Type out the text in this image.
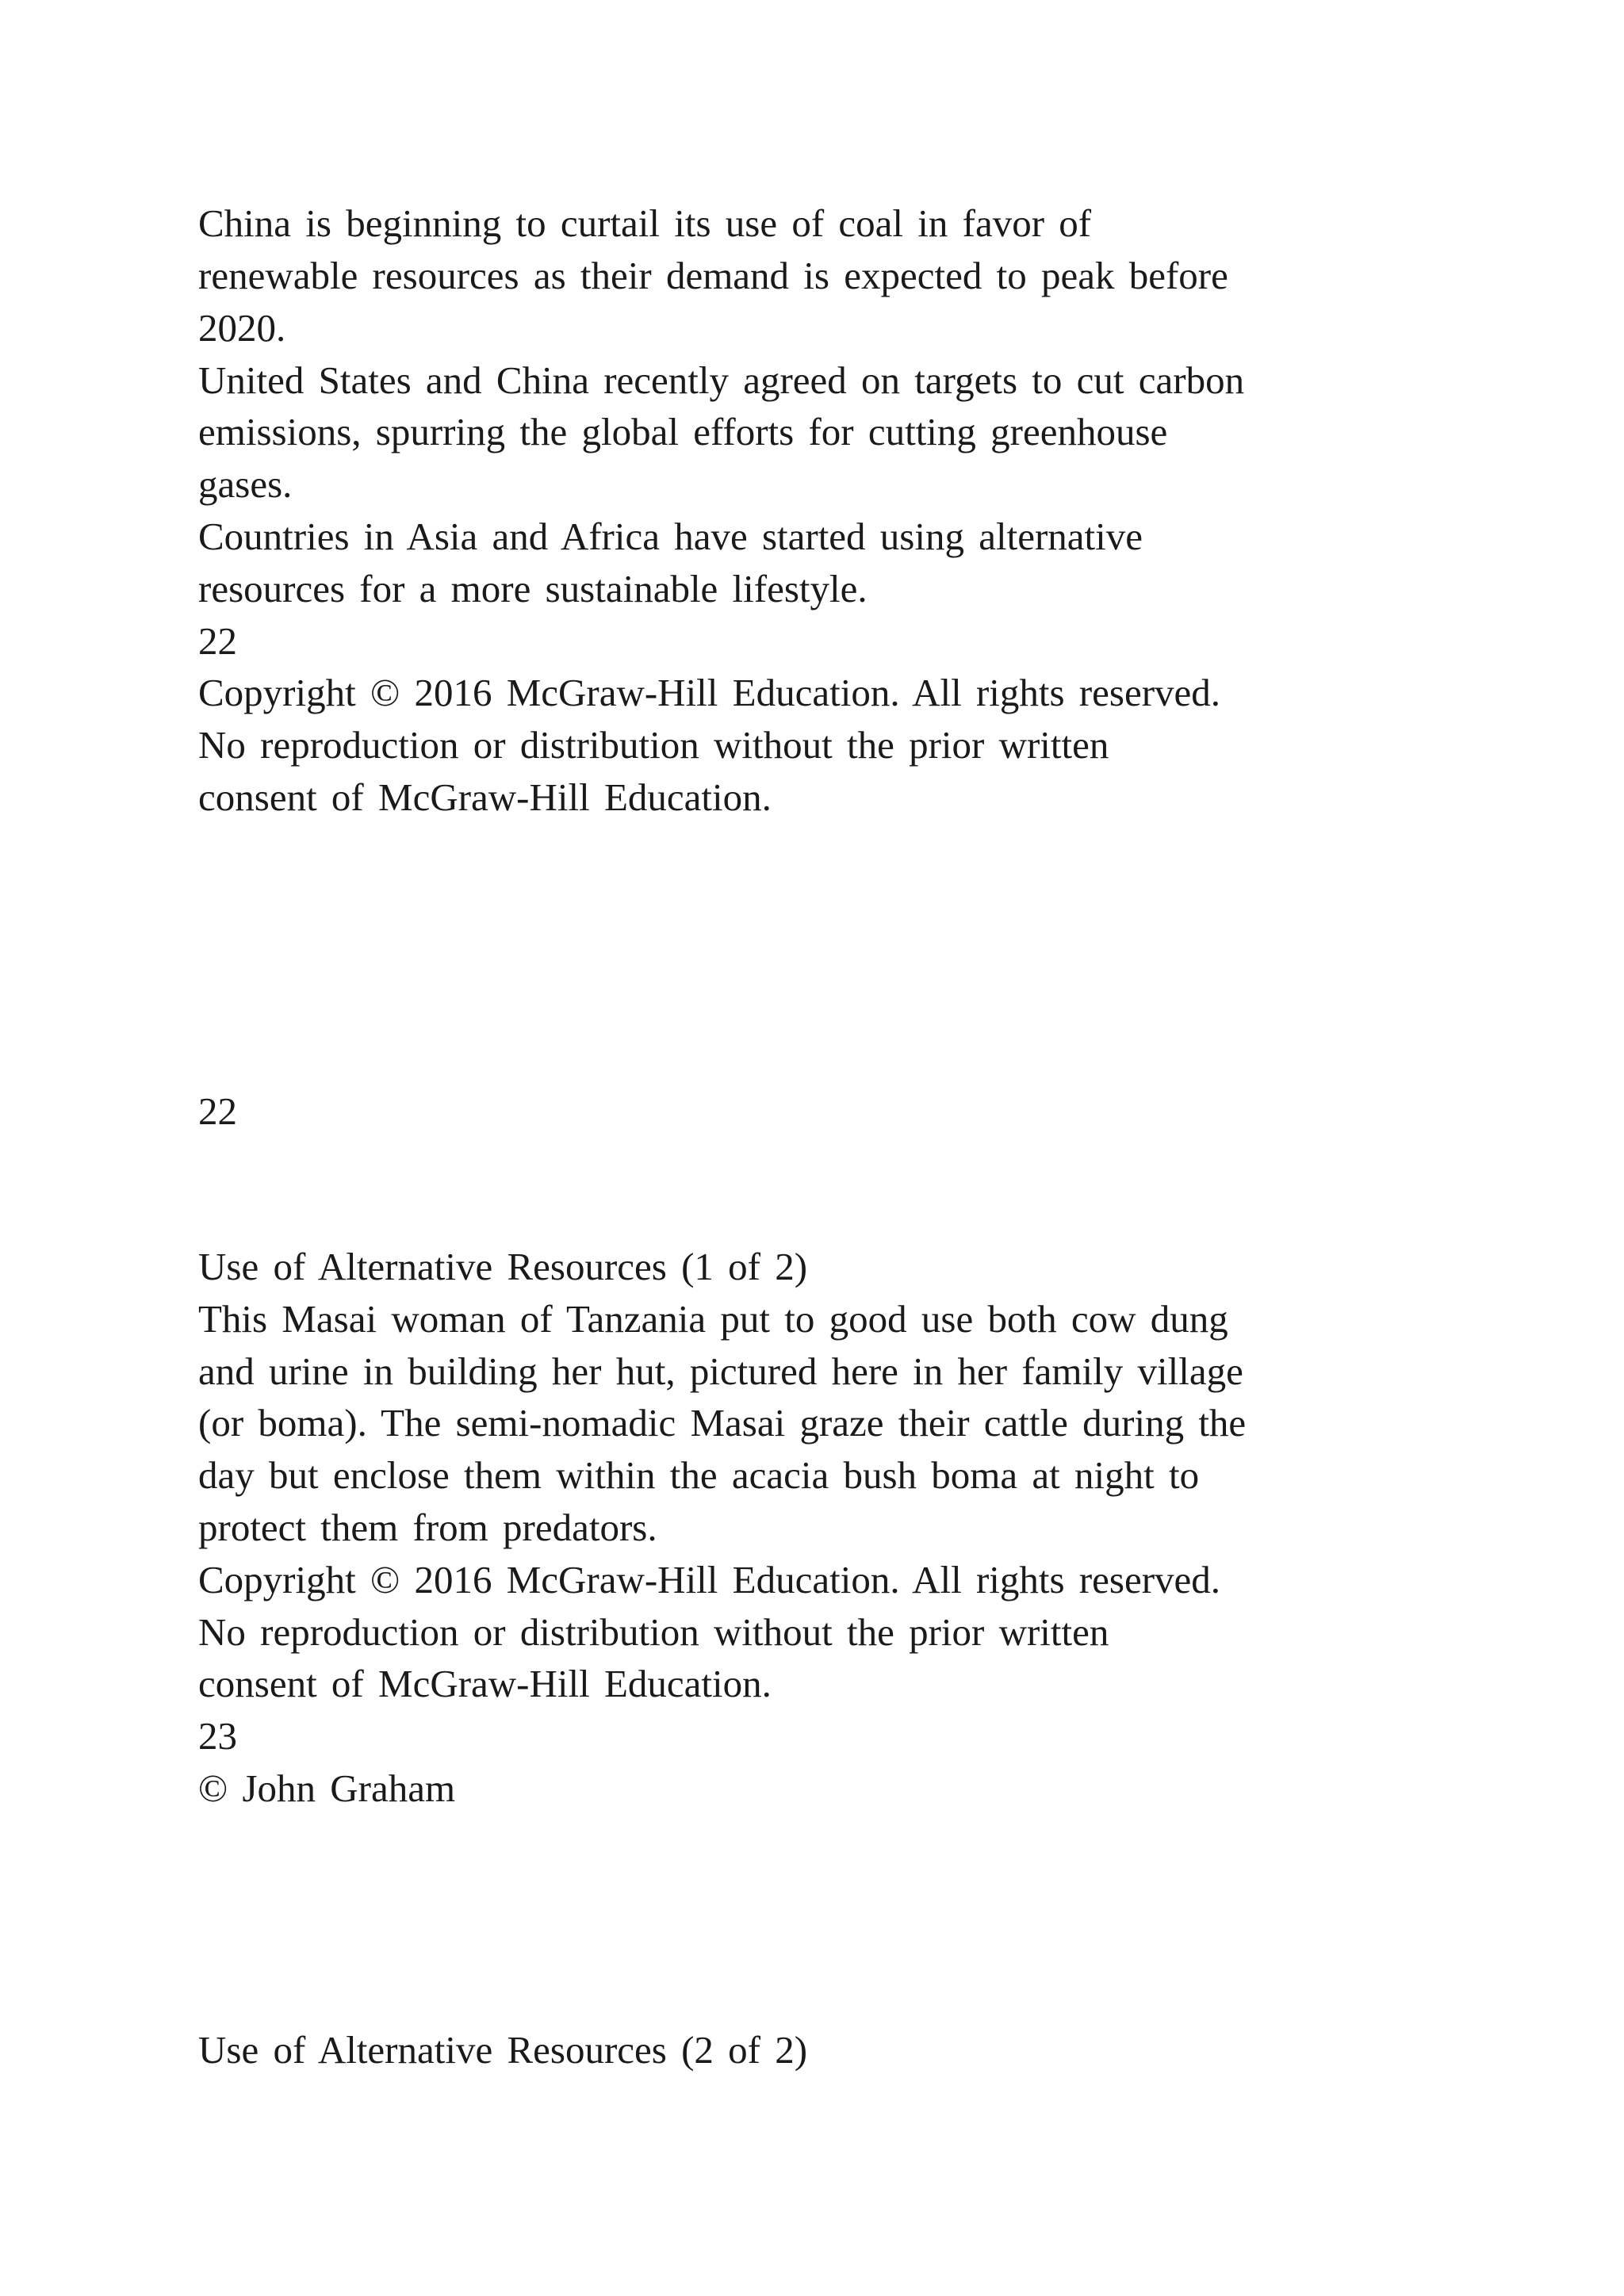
China is beginning to curtail its use of coal in favor of

renewable resources as their demand is expected to peak before

2020.

United States and China recently agreed on targets to cut carbon

emissions, spurring the global efforts for cutting greenhouse

gases.

Countries in Asia and Africa have started using alternative

resources for a more sustainable lifestyle.

22

Copyright © 2016 McGraw-Hill Education. All rights reserved.

No reproduction or distribution without the prior written

consent of McGraw-Hill Education.

22

Use of Alternative Resources (1 of 2)

This Masai woman of Tanzania put to good use both cow dung

and urine in building her hut, pictured here in her family village

(or boma). The semi-nomadic Masai graze their cattle during the

day but enclose them within the acacia bush boma at night to

protect them from predators.

Copyright © 2016 McGraw-Hill Education. All rights reserved.

No reproduction or distribution without the prior written

consent of McGraw-Hill Education.

23

© John Graham

Use of Alternative Resources (2 of 2)
